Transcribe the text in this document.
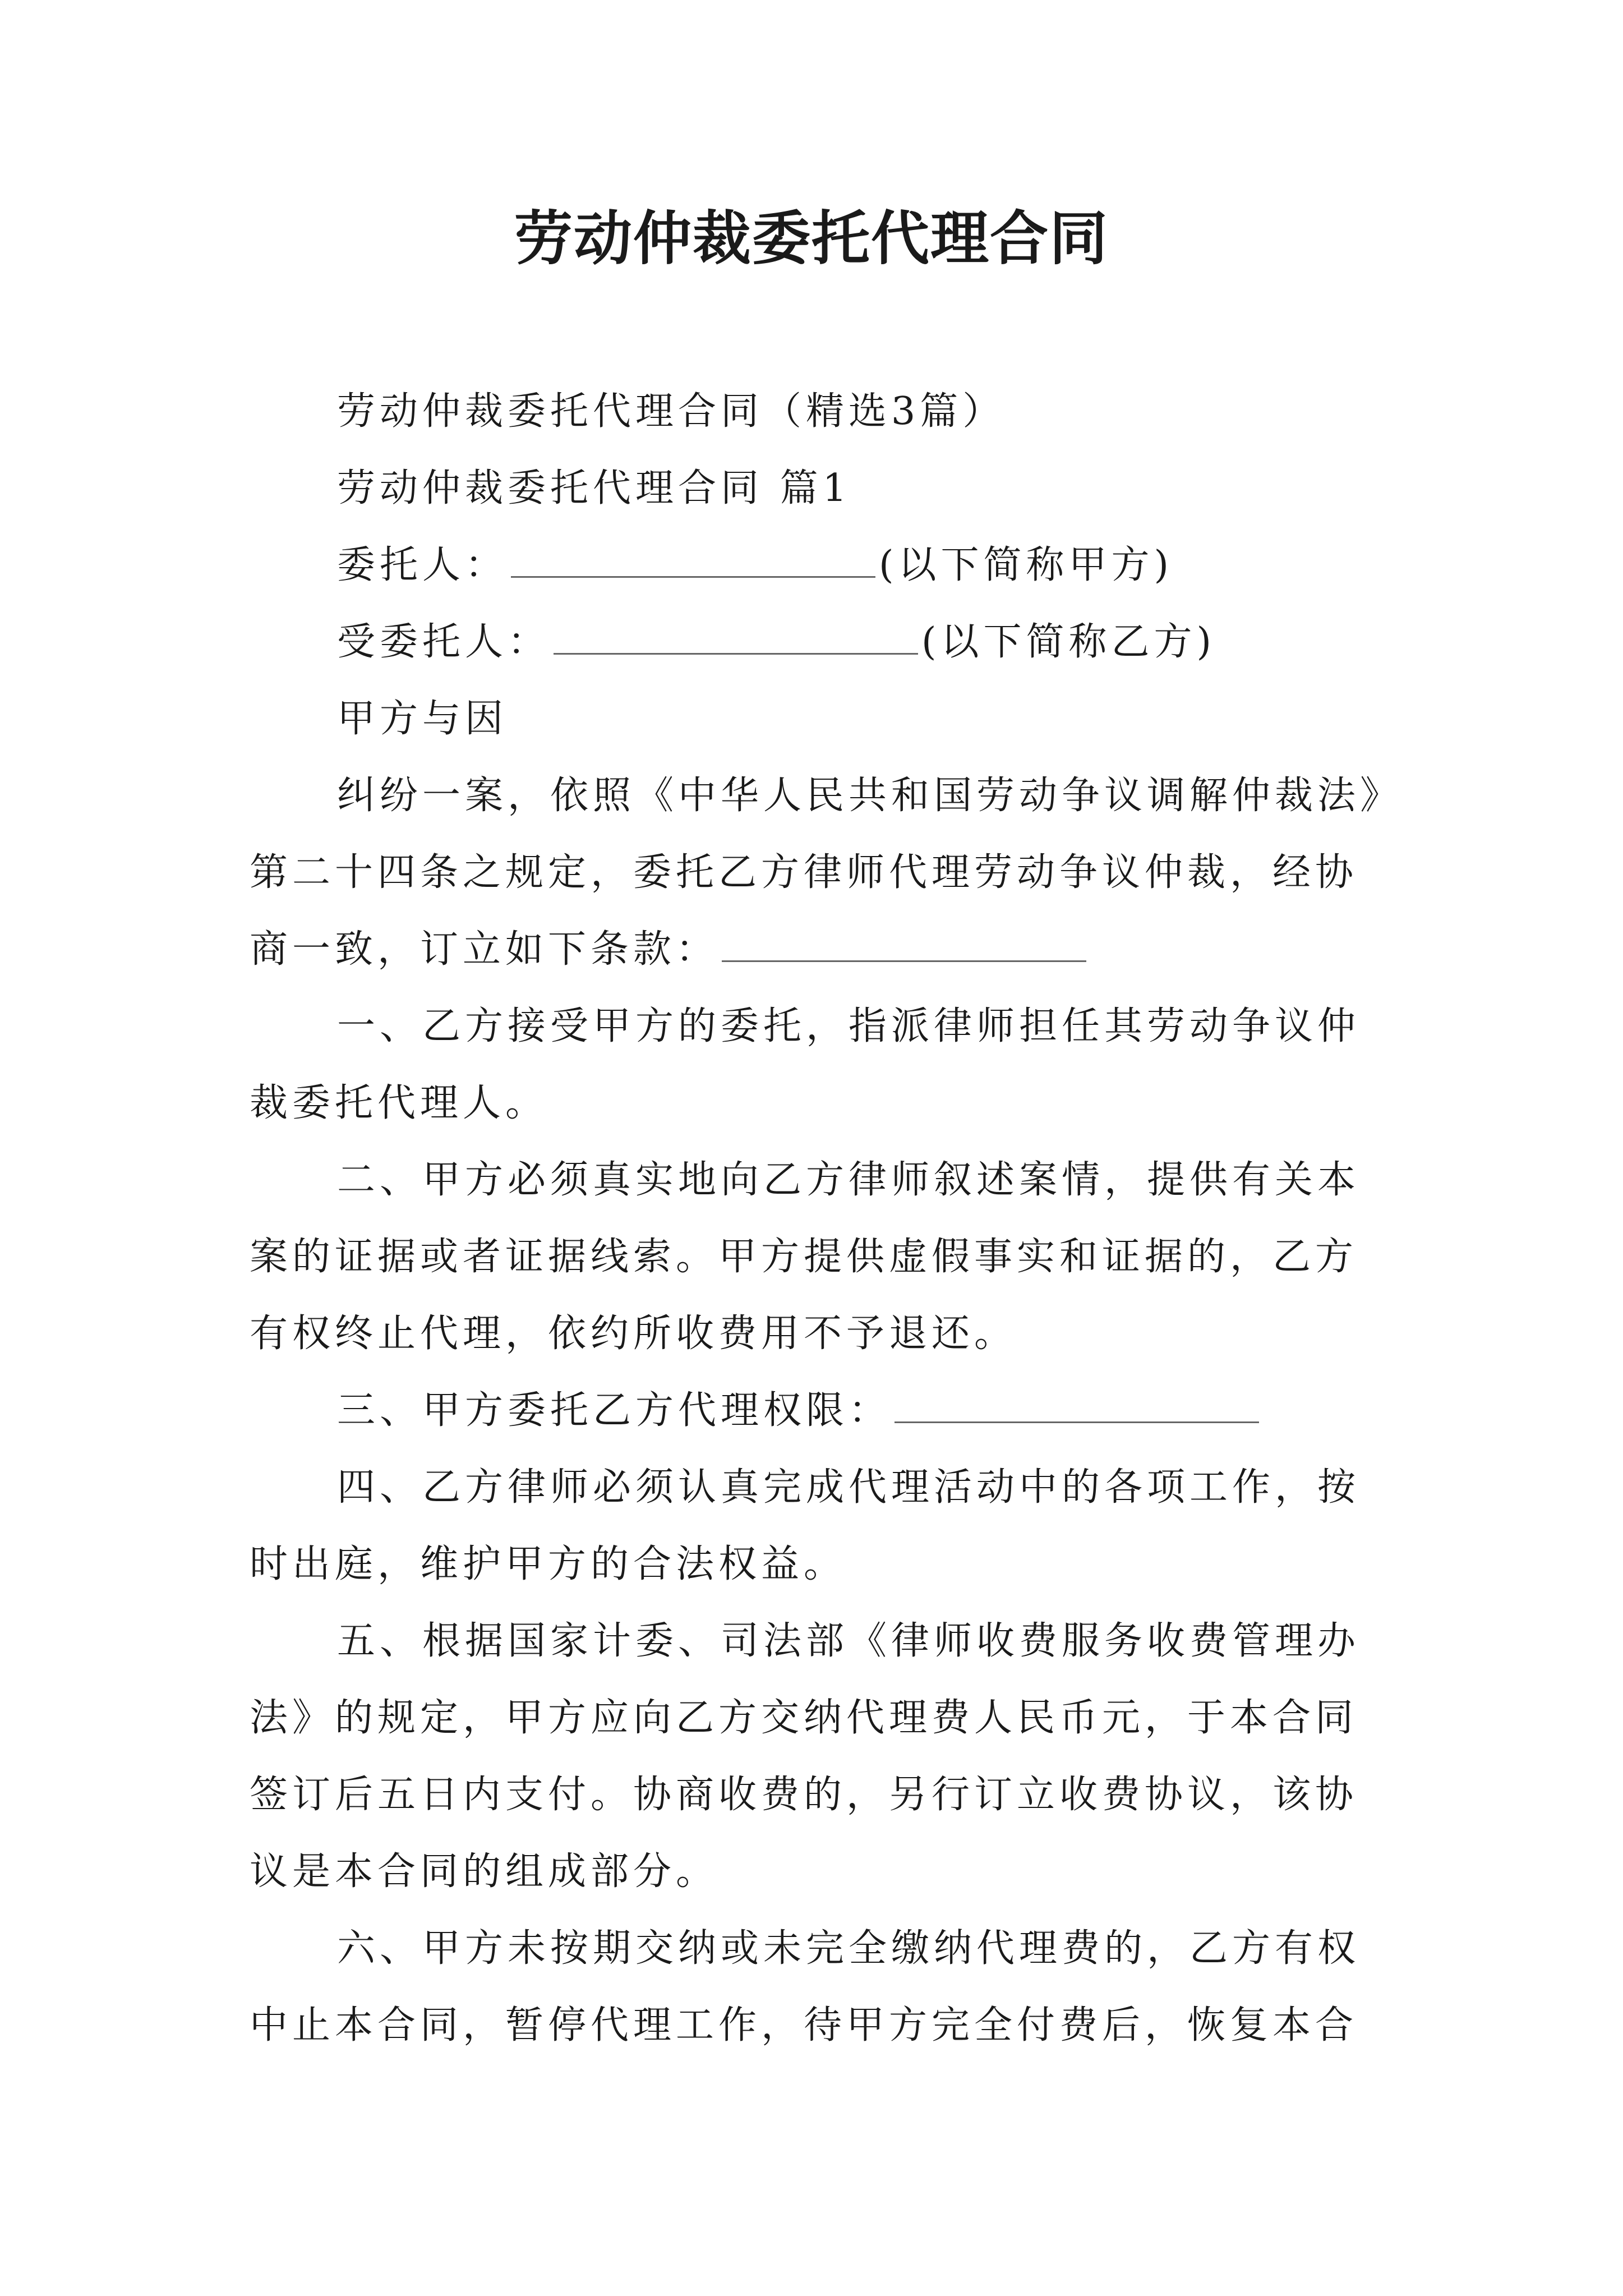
劳动仲裁委托代理合同

劳动仲裁委托代理合同（精选3篇）

劳动仲裁委托代理合同 篇1

委托人：	(以下简称甲方)

受委托人：	(以下简称乙方)

甲方与因

纠纷一案，依照《中华人民共和国劳动争议调解仲裁法》第二十四条之规定，委托乙方律师代理劳动争议仲裁，经协商一致，订立如下条款：

一、乙方接受甲方的委托，指派律师担任其劳动争议仲裁委托代理人。

二、甲方必须真实地向乙方律师叙述案情，提供有关本案的证据或者证据线索。甲方提供虚假事实和证据的，乙方有权终止代理，依约所收费用不予退还。

三、甲方委托乙方代理权限：

四、乙方律师必须认真完成代理活动中的各项工作，按时出庭，维护甲方的合法权益。

五、根据国家计委、司法部《律师收费服务收费管理办法》的规定，甲方应向乙方交纳代理费人民币元，于本合同签订后五日内支付。协商收费的，另行订立收费协议，该协议是本合同的组成部分。

六、甲方未按期交纳或未完全缴纳代理费的，乙方有权中止本合同，暂停代理工作，待甲方完全付费后，恢复本合
